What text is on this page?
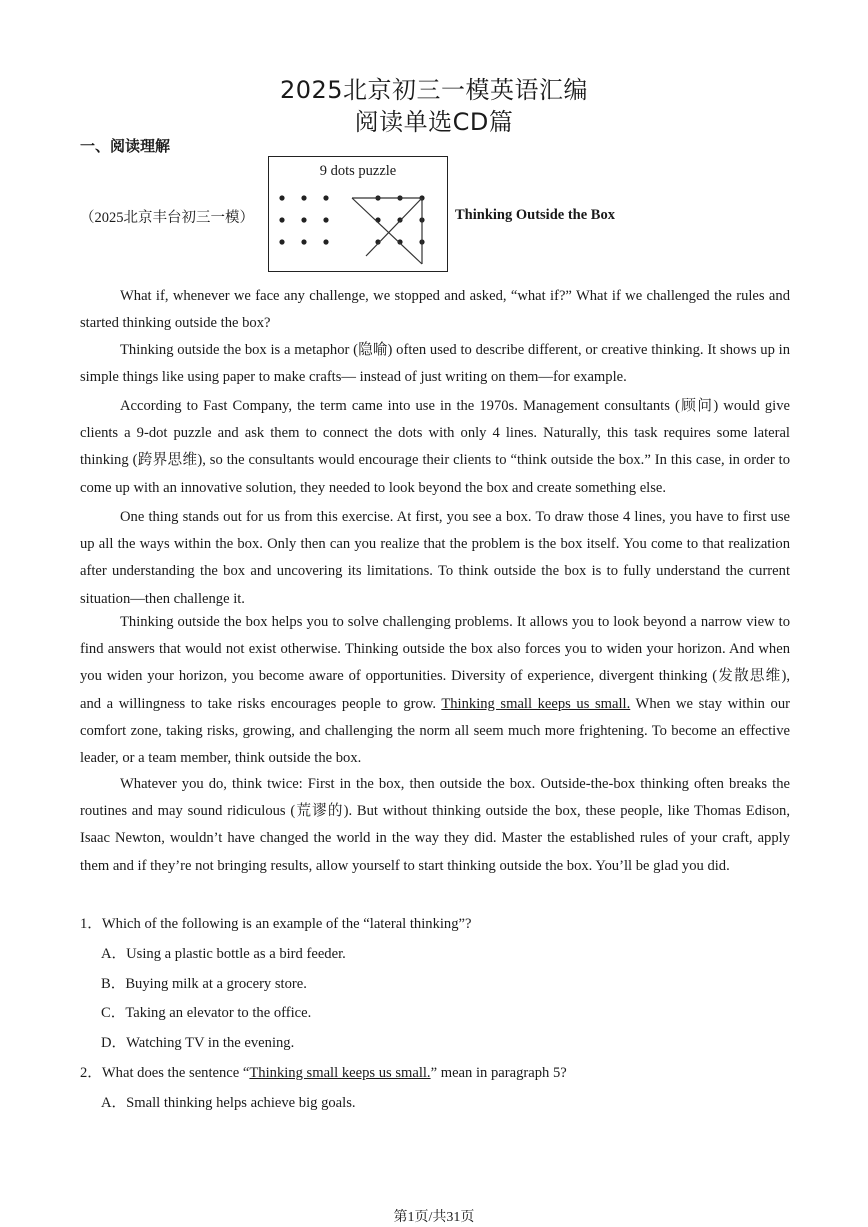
2025北京初三一模英语汇编
阅读单选CD篇
一、阅读理解
（2025北京丰台初三一模）
9 dots puzzle
Thinking Outside the Box

What if, whenever we face any challenge, we stopped and asked, “what if?” What if we challenged the rules and started thinking outside the box?

Thinking outside the box is a metaphor (隐喻) often used to describe different, or creative thinking. It shows up in simple things like using paper to make crafts— instead of just writing on them—for example.

According to Fast Company, the term came into use in the 1970s. Management consultants (顾问) would give clients a 9-dot puzzle and ask them to connect the dots with only 4 lines. Naturally, this task requires some lateral thinking (跨界思维), so the consultants would encourage their clients to “think outside the box.” In this case, in order to come up with an innovative solution, they needed to look beyond the box and create something else.

One thing stands out for us from this exercise. At first, you see a box. To draw those 4 lines, you have to first use up all the ways within the box. Only then can you realize that the problem is the box itself. You come to that realization after understanding the box and uncovering its limitations. To think outside the box is to fully understand the current situation—then challenge it.

Thinking outside the box helps you to solve challenging problems. It allows you to look beyond a narrow view to find answers that would not exist otherwise. Thinking outside the box also forces you to widen your horizon. And when you widen your horizon, you become aware of opportunities. Diversity of experience, divergent thinking (发散思维), and a willingness to take risks encourages people to grow. Thinking small keeps us small. When we stay within our comfort zone, taking risks, growing, and challenging the norm all seem much more frightening. To become an effective leader, or a team member, think outside the box.

Whatever you do, think twice: First in the box, then outside the box. Outside-the-box thinking often breaks the routines and may sound ridiculous (荒谬的). But without thinking outside the box, these people, like Thomas Edison, Isaac Newton, wouldn’t have changed the world in the way they did. Master the established rules of your craft, apply them and if they’re not bringing results, allow yourself to start thinking outside the box. You’ll be glad you did.

1．Which of the following is an example of the “lateral thinking”?
A．Using a plastic bottle as a bird feeder.
B．Buying milk at a grocery store.
C．Taking an elevator to the office.
D．Watching TV in the evening.
2．What does the sentence “Thinking small keeps us small.” mean in paragraph 5?
A．Small thinking helps achieve big goals.
第1页/共31页
